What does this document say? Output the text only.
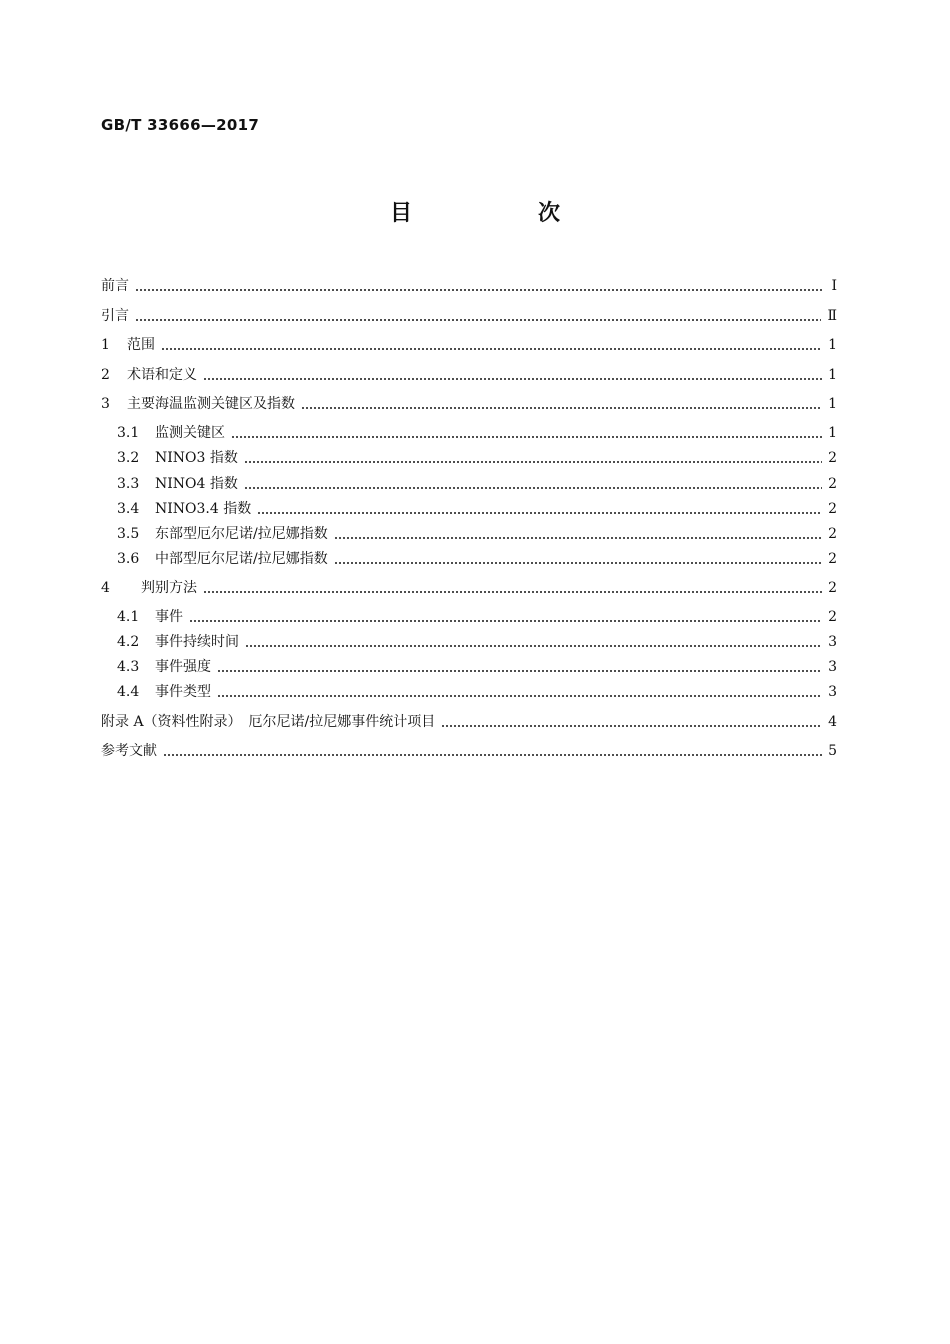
GB/T 33666—2017
目　次
前言	Ⅰ
引言	Ⅱ
1	范围	1
2	术语和定义	1
3	主要海温监测关键区及指数	1
3.1	监测关键区	1
3.2	NINO3 指数	2
3.3	NINO4 指数	2
3.4	NINO3.4 指数	2
3.5	东部型厄尔尼诺/拉尼娜指数	2
3.6	中部型厄尔尼诺/拉尼娜指数	2
4	判别方法	2
4.1	事件	2
4.2	事件持续时间	3
4.3	事件强度	3
4.4	事件类型	3
附录 A（资料性附录）　厄尔尼诺/拉尼娜事件统计项目	4
参考文献	5
